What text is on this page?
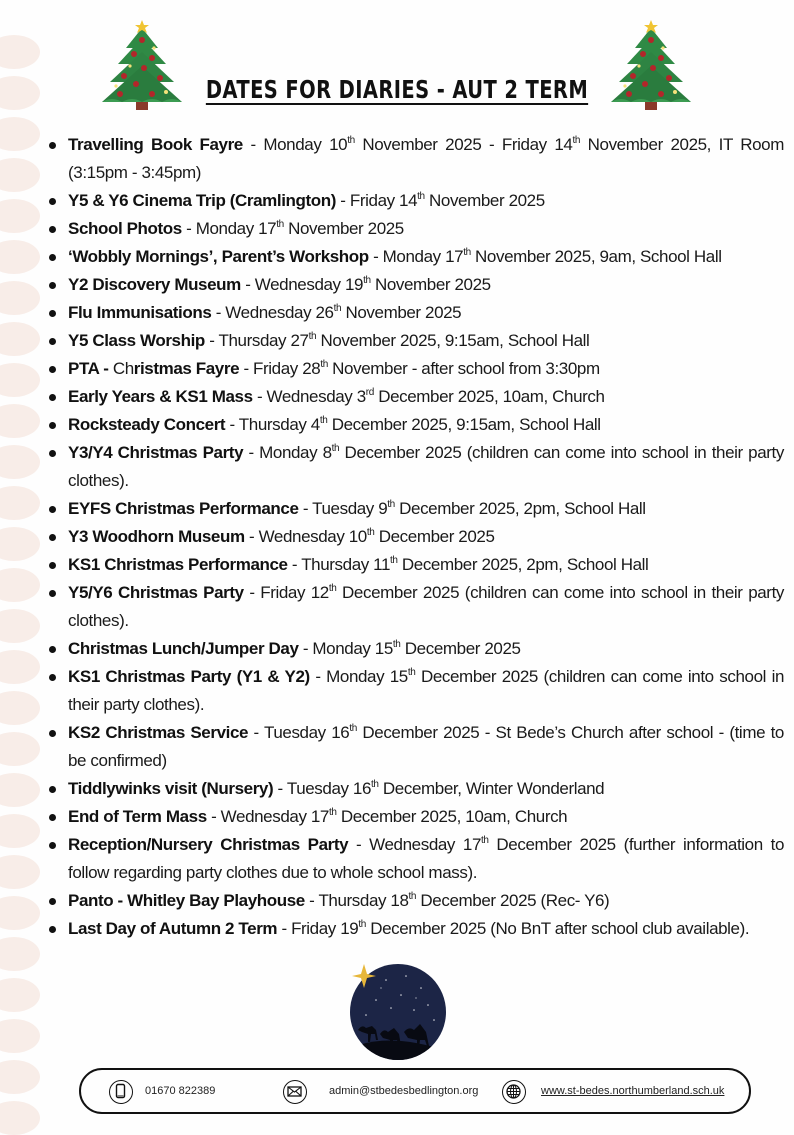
DATES FOR DIARIES - AUT 2 TERM
Travelling Book Fayre - Monday 10th November 2025 - Friday 14th November 2025, IT Room (3:15pm - 3:45pm)
Y5 & Y6 Cinema Trip (Cramlington) - Friday 14th November 2025
School Photos - Monday 17th November 2025
‘Wobbly Mornings’, Parent’s Workshop - Monday 17th November 2025, 9am, School Hall
Y2 Discovery Museum - Wednesday 19th November 2025
Flu Immunisations - Wednesday 26th November 2025
Y5 Class Worship - Thursday 27th November 2025, 9:15am, School Hall
PTA - Christmas Fayre - Friday 28th November - after school from 3:30pm
Early Years & KS1 Mass - Wednesday 3rd December 2025, 10am, Church
Rocksteady Concert - Thursday 4th December 2025, 9:15am, School Hall
Y3/Y4 Christmas Party - Monday 8th December 2025 (children can come into school in their party clothes).
EYFS Christmas Performance - Tuesday 9th December 2025, 2pm, School Hall
Y3 Woodhorn Museum - Wednesday 10th December 2025
KS1 Christmas Performance - Thursday 11th December 2025, 2pm, School Hall
Y5/Y6 Christmas Party - Friday 12th December 2025 (children can come into school in their party clothes).
Christmas Lunch/Jumper Day - Monday 15th December 2025
KS1 Christmas Party (Y1 & Y2) - Monday 15th December 2025 (children can come into school in their party clothes).
KS2 Christmas Service - Tuesday 16th December 2025 - St Bede’s Church after school - (time to be confirmed)
Tiddlywinks visit (Nursery) - Tuesday 16th December, Winter Wonderland
End of Term Mass - Wednesday 17th December 2025, 10am, Church
Reception/Nursery Christmas Party - Wednesday 17th December 2025 (further information to follow regarding party clothes due to whole school mass).
Panto - Whitley Bay Playhouse - Thursday 18th December 2025 (Rec- Y6)
Last Day of Autumn 2 Term - Friday 19th December 2025 (No BnT after school club available).
01670 822389	admin@stbedesbedlington.org	www.st-bedes.northumberland.sch.uk
